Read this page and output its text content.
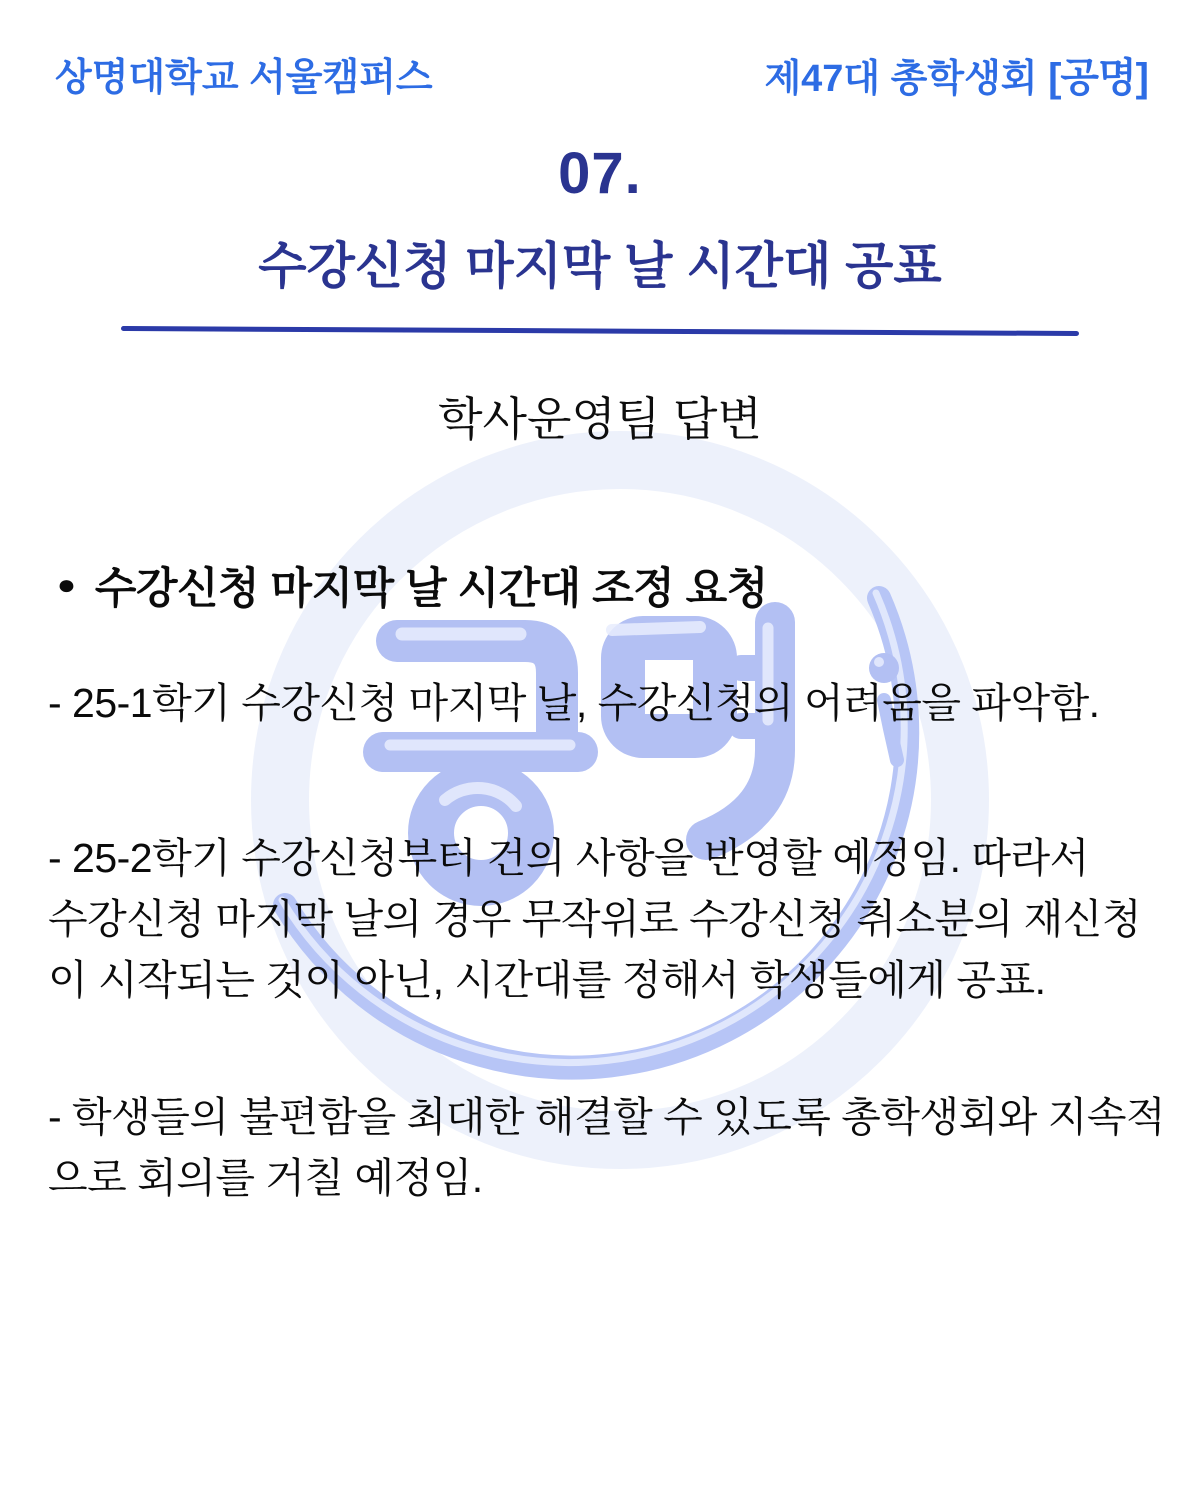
상명대학교 서울캠퍼스	제47대 총학생회 [공명]
07.
수강신청 마지막 날 시간대 공표
학사운영팀 답변
● 수강신청 마지막 날 시간대 조정 요청
- 25-1학기 수강신청 마지막 날, 수강신청의 어려움을 파악함.
- 25-2학기 수강신청부터 건의 사항을 반영할 예정임. 따라서
수강신청 마지막 날의 경우 무작위로 수강신청 취소분의 재신청
이 시작되는 것이 아닌, 시간대를 정해서 학생들에게 공표.
- 학생들의 불편함을 최대한 해결할 수 있도록 총학생회와 지속적
으로 회의를 거칠 예정임.
